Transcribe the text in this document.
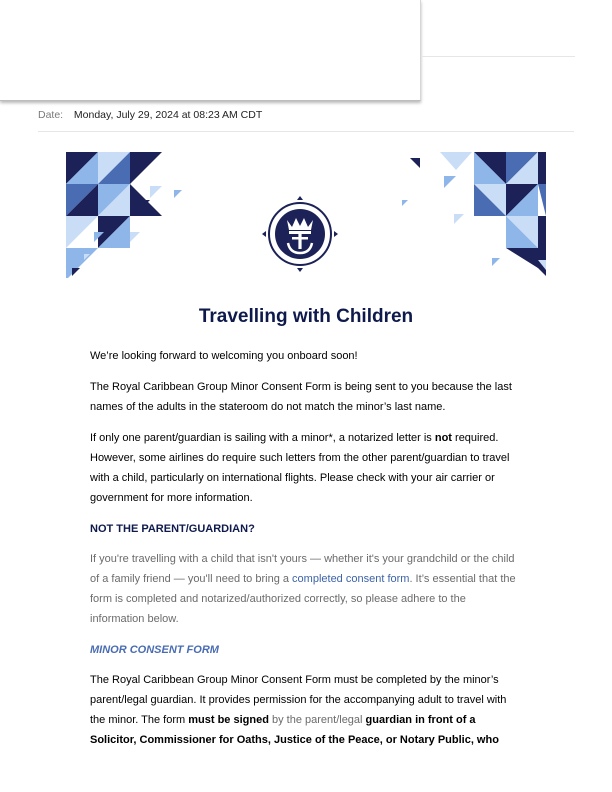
Date: Monday, July 29, 2024 at 08:23 AM CDT
Travelling with Children

We’re looking forward to welcoming you onboard soon!

The Royal Caribbean Group Minor Consent Form is being sent to you because the last names of the adults in the stateroom do not match the minor’s last name.

If only one parent/guardian is sailing with a minor*, a notarized letter is not required. However, some airlines do require such letters from the other parent/guardian to travel with a child, particularly on international flights. Please check with your air carrier or government for more information.

NOT THE PARENT/GUARDIAN?

If you're travelling with a child that isn't yours — whether it's your grandchild or the child of a family friend — you'll need to bring a completed consent form. It’s essential that the form is completed and notarized/authorized correctly, so please adhere to the information below.

MINOR CONSENT FORM

The Royal Caribbean Group Minor Consent Form must be completed by the minor’s parent/legal guardian. It provides permission for the accompanying adult to travel with the minor. The form must be signed by the parent/legal guardian in front of a Solicitor, Commissioner for Oaths, Justice of the Peace, or Notary Public, who
